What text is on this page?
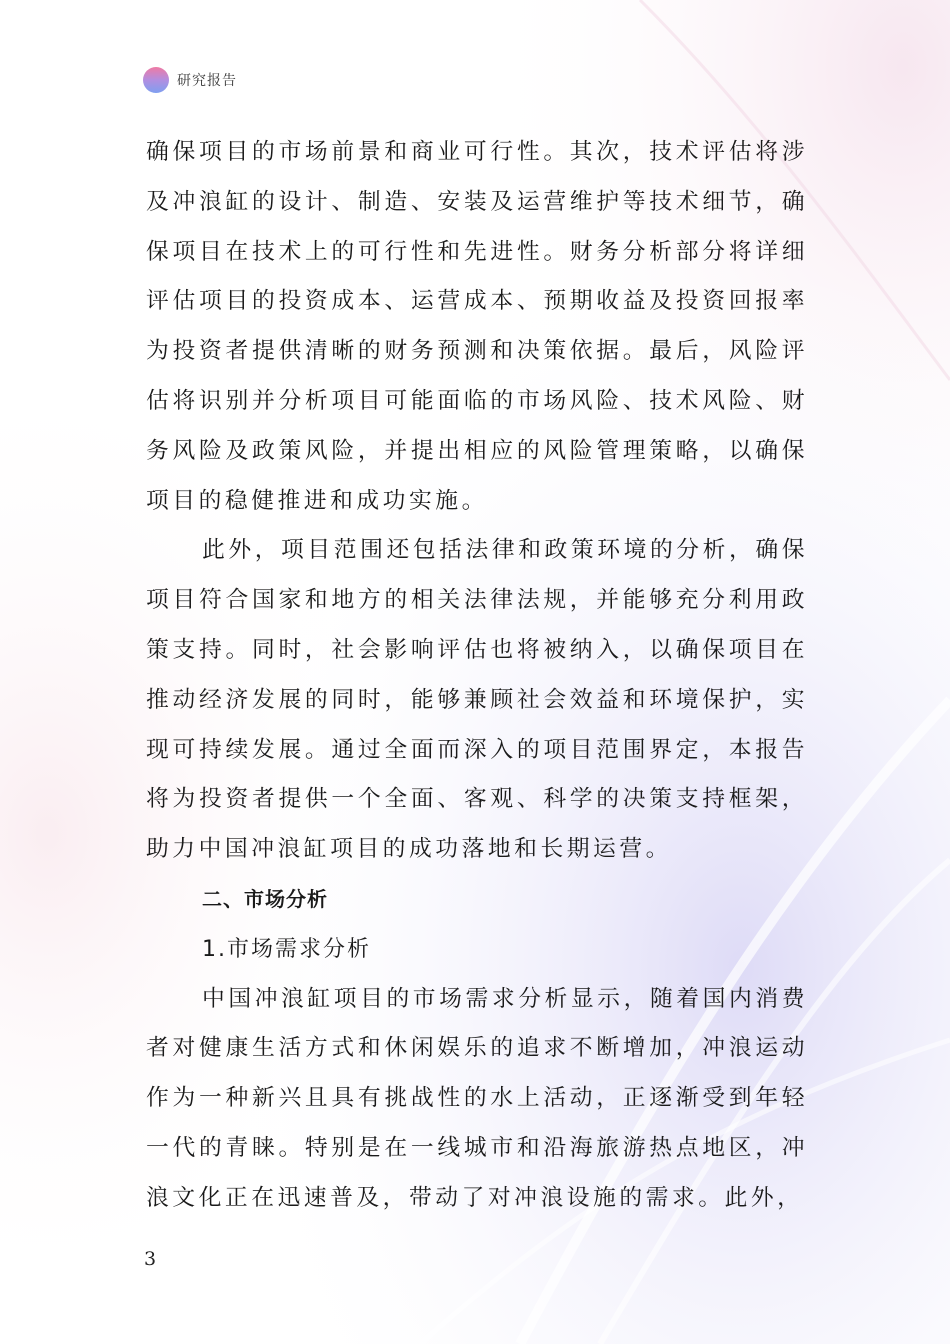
研究报告

确保项目的市场前景和商业可行性。其次，技术评估将涉及冲浪缸的设计、制造、安装及运营维护等技术细节，确保项目在技术上的可行性和先进性。财务分析部分将详细评估项目的投资成本、运营成本、预期收益及投资回报率为投资者提供清晰的财务预测和决策依据。最后，风险评估将识别并分析项目可能面临的市场风险、技术风险、财务风险及政策风险，并提出相应的风险管理策略，以确保项目的稳健推进和成功实施。

此外，项目范围还包括法律和政策环境的分析，确保项目符合国家和地方的相关法律法规，并能够充分利用政策支持。同时，社会影响评估也将被纳入，以确保项目在推动经济发展的同时，能够兼顾社会效益和环境保护，实现可持续发展。通过全面而深入的项目范围界定，本报告将为投资者提供一个全面、客观、科学的决策支持框架，助力中国冲浪缸项目的成功落地和长期运营。

二、市场分析

1.市场需求分析

中国冲浪缸项目的市场需求分析显示，随着国内消费者对健康生活方式和休闲娱乐的追求不断增加，冲浪运动作为一种新兴且具有挑战性的水上活动，正逐渐受到年轻一代的青睐。特别是在一线城市和沿海旅游热点地区，冲浪文化正在迅速普及，带动了对冲浪设施的需求。此外，

3
